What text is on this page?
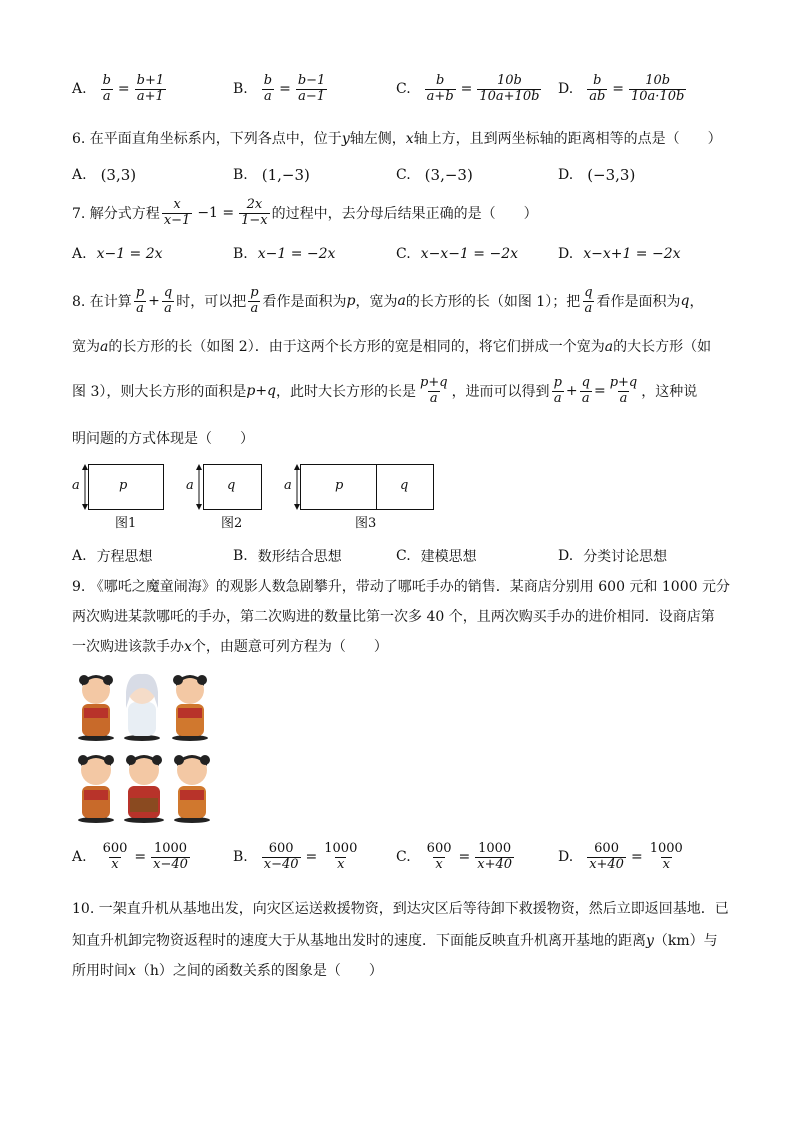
A. $\frac{b}{a} = \frac{b+1}{a+1}$	B. $\frac{b}{a} = \frac{b-1}{a-1}$	C. $\frac{b}{a+b} = \frac{10b}{10a+10b} D$. $\frac{b}{ab} = \frac{10b}{10a\cdot 10b}$
6. 在平面直角坐标系内，下列各点中，位于y轴左侧，x轴上方，且到两坐标轴的距离相等的点是（　　）
A. (3,3)	B. (1,−3)	C. (3,−3)	D. (−3,3)
7. 解分式方程 $\frac{x}{x-1} -1 = \frac{2x}{1-x}$ 的过程中，去分母后结果正确的是（　　）
A. x−1 = 2x	B. x−1 = −2x	C. x−x−1 = −2x	D. x−x+1 = −2x
8. 在计算 $\frac{p}{a} + \frac{q}{a}$ 时，可以把 $\frac{p}{a}$ 看作是面积为 p ，宽为 a 的长方形的长（如图 1）；把 $\frac{q}{a}$ 看作是面积为 q ，
宽为a的长方形的长（如图 2）．由于这两个长方形的宽是相同的，将它们拼成一个宽为a的大长方形（如
图 3），则大长方形的面积是 p+q ，此时大长方形的长是 $\frac{p+q}{a}$ ，进而可以得到 $\frac{p}{a} + \frac{q}{a} = \frac{p+q}{a}$ ，这种说
明问题的方式体现是（　　）
a	p
图1
a	q
图2
a	p	q
图3
A. 方程思想	B. 数形结合思想	C. 建模思想	D. 分类讨论思想
9. 《哪吒之魔童闹海》的观影人数急剧攀升，带动了哪吒手办的销售．某商店分别用 600 元和 1000 元分
两次购进某款哪吒的手办，第二次购进的数量比第一次多 40 个，且两次购买手办的进价相同．设商店第
一次购进该款手办x个，由题意可列方程为（　　）
A. $\frac{600}{x} = \frac{1000}{x-40}$	B. $\frac{600}{x-40} = \frac{1000}{x}$	C. $\frac{600}{x} = \frac{1000}{x+40}$	D. $\frac{600}{x+40} = \frac{1000}{x}$
10. 一架直升机从基地出发，向灾区运送救援物资，到达灾区后等待卸下救援物资，然后立即返回基地．已
知直升机卸完物资返程时的速度大于从基地出发时的速度．下面能反映直升机离开基地的距离y（km）与
所用时间x（h）之间的函数关系的图象是（　　）
